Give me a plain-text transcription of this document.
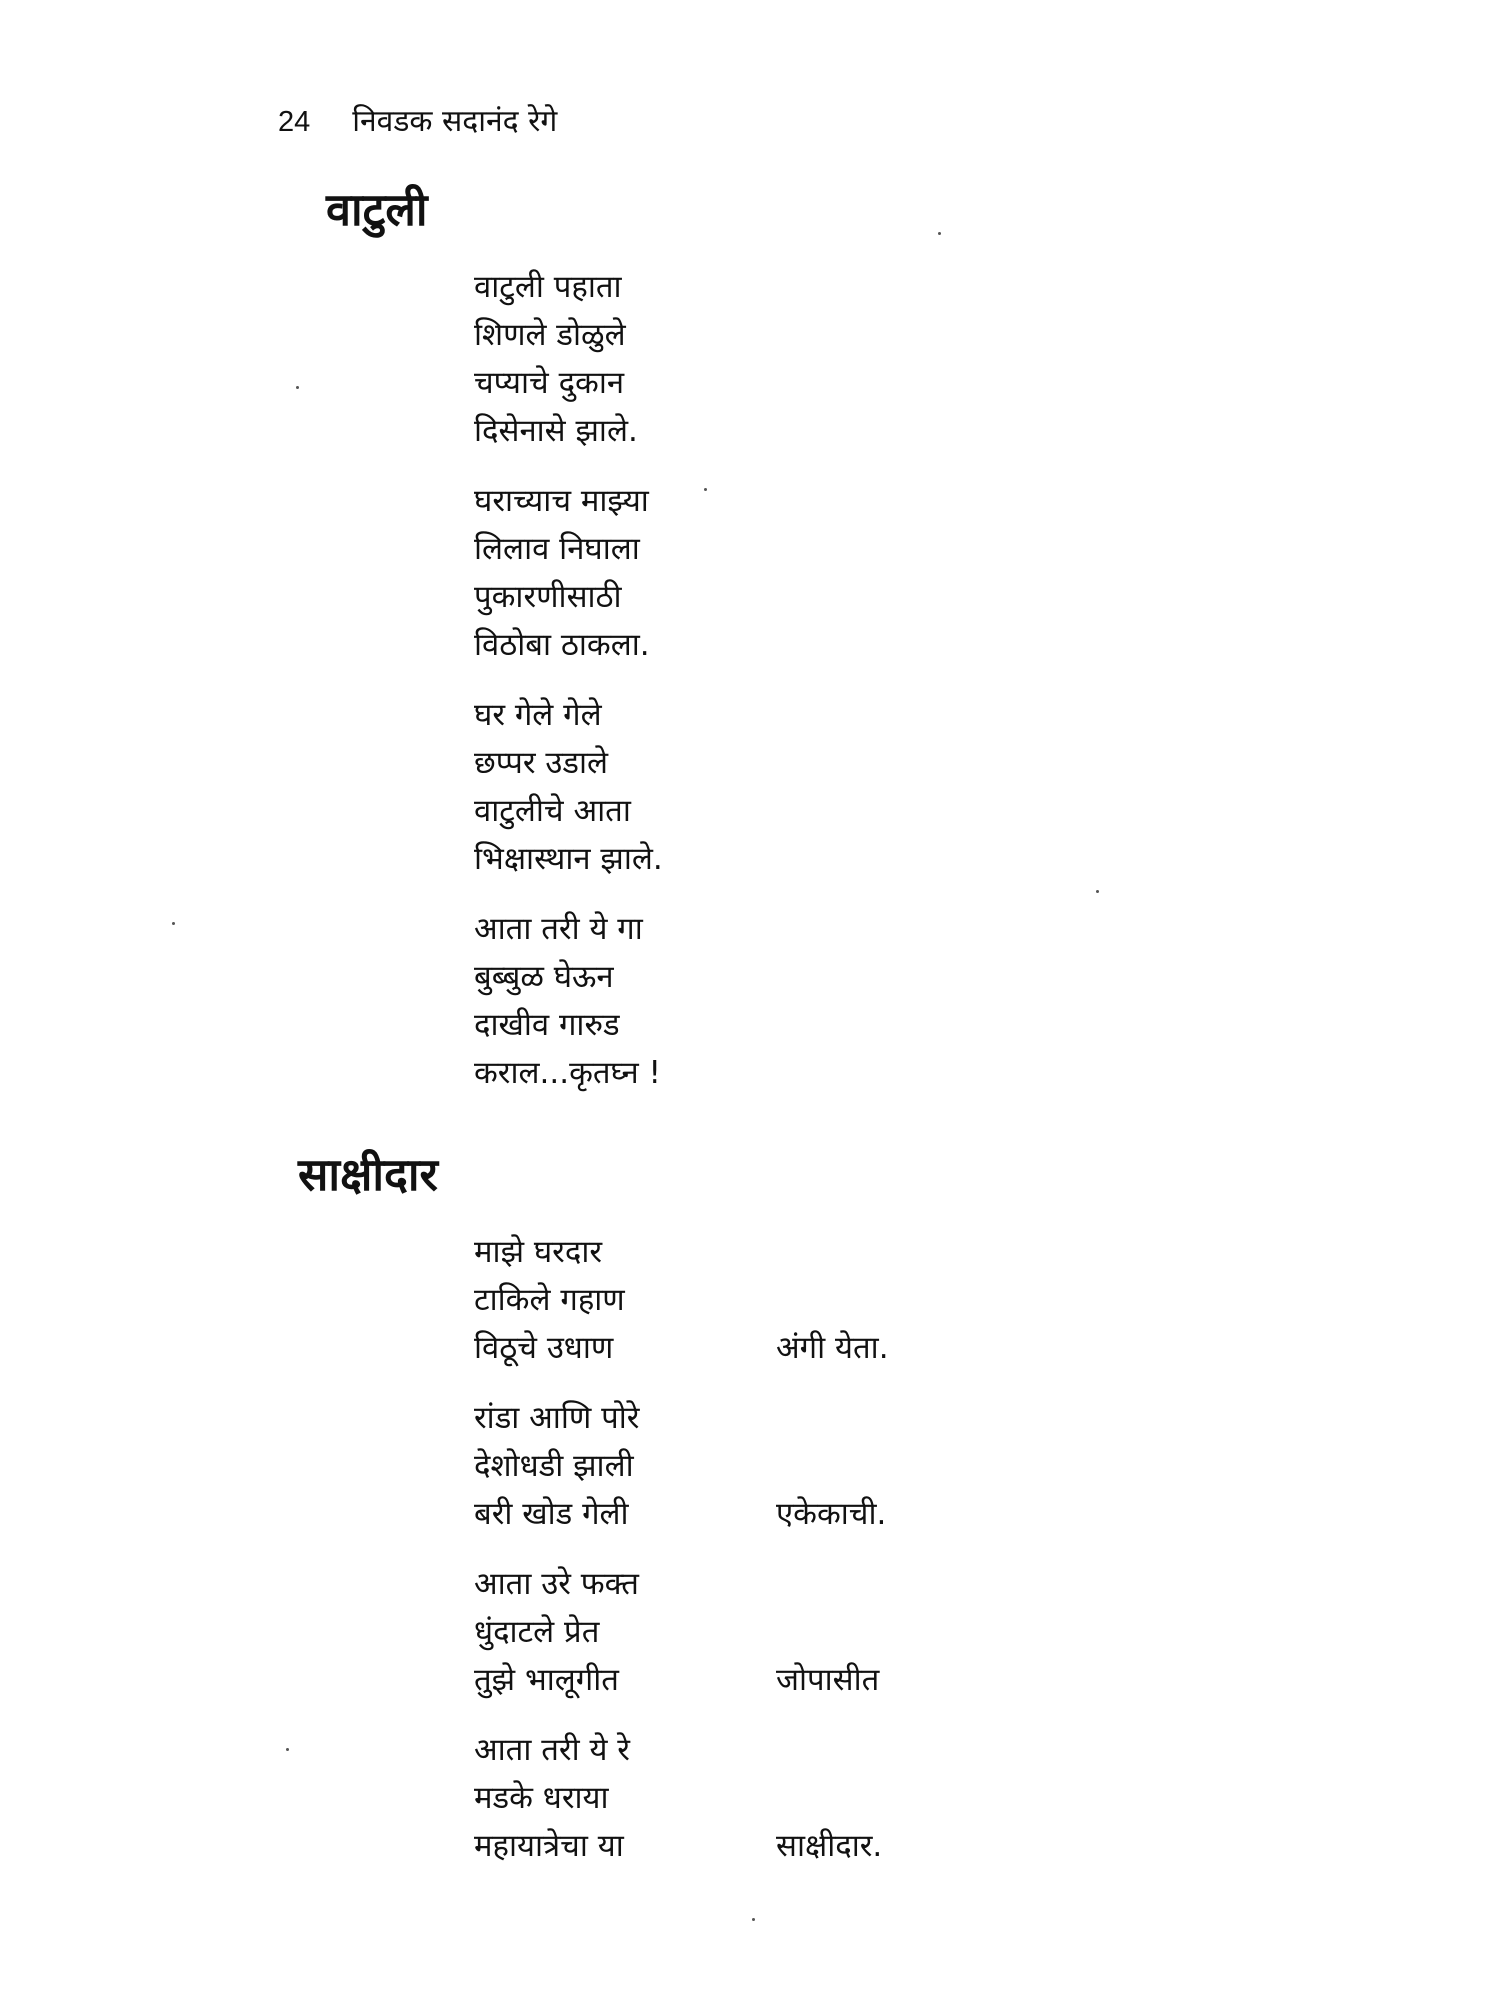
24 निवडक सदानंद रेगे
वाटुली
वाटुली पहाता
शिणले डोळुले
चप्याचे दुकान
दिसेनासे झाले.
घराच्याच माझ्या
लिलाव निघाला
पुकारणीसाठी
विठोबा ठाकला.
घर गेले गेले
छप्पर उडाले
वाटुलीचे आता
भिक्षास्थान झाले.
आता तरी ये गा
बुब्बुळ घेऊन
दाखीव गारुड
कराल...कृतघ्न !
साक्षीदार
माझे घरदार
टाकिले गहाण
विठूचे उधाण	अंगी येता.
रांडा आणि पोरे
देशोधडी झाली
बरी खोड गेली	एकेकाची.
आता उरे फक्त
धुंदाटले प्रेत
तुझे भालूगीत	जोपासीत
आता तरी ये रे
मडके धराया
महायात्रेचा या	साक्षीदार.
